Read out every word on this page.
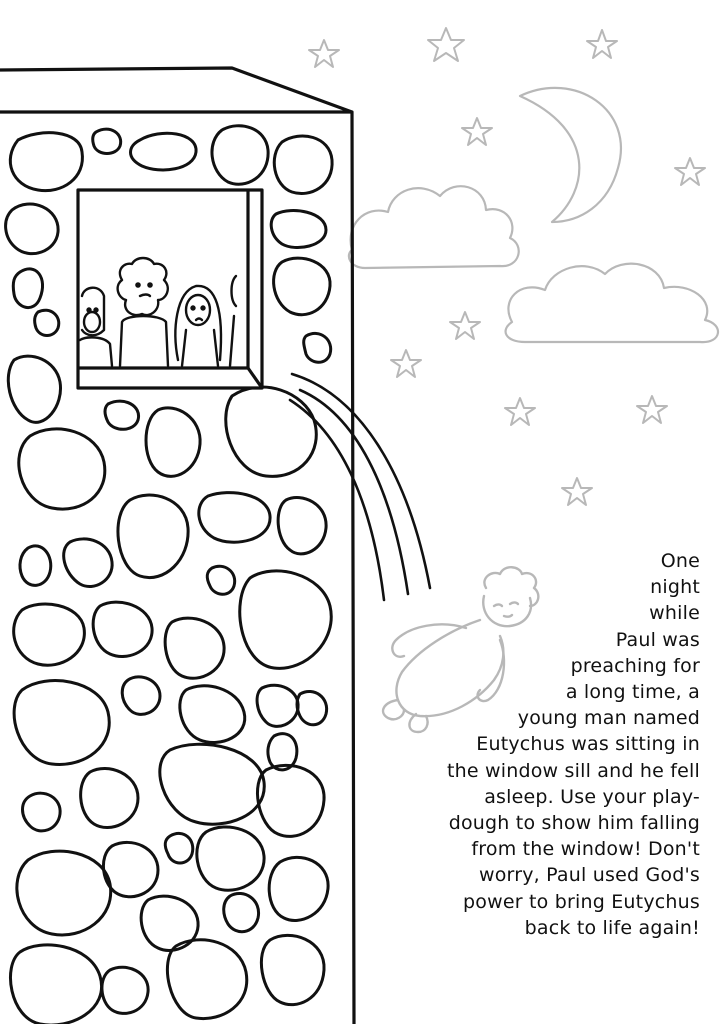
One
night
while
Paul was
preaching for
a long time, a
young man named
Eutychus was sitting in
the window sill and he fell
asleep. Use your play-
dough to show him falling
from the window! Don't
worry, Paul used God's
power to bring Eutychus
back to life again!
